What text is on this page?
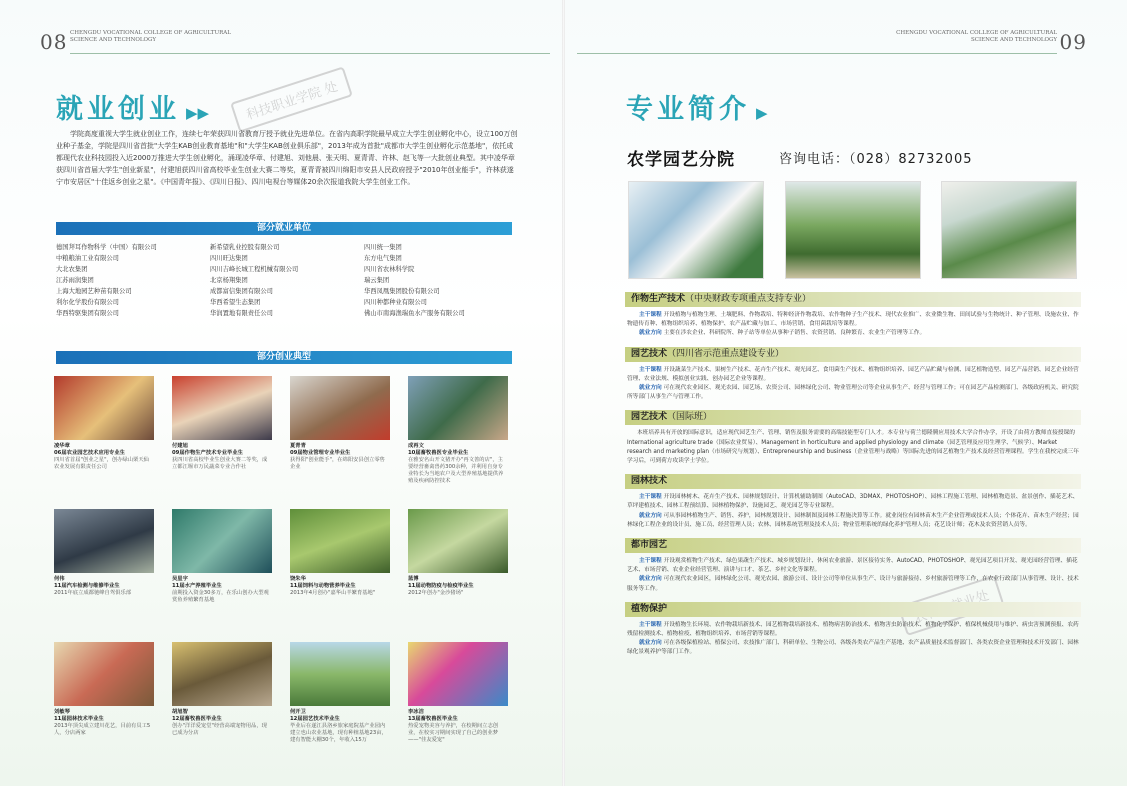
08 CHENGDU VOCATIONAL COLLEGE OF AGRICULTURAL SCIENCE AND TECHNOLOGY
就业创业 ▶▶	科技职业学院 处
学院高度重视大学生就业创业工作，连续七年荣获四川省教育厅授予就业先进单位。在省内高职学院最早成立大学生创业孵化中心，设立100万创业种子基金，学院是四川省首批"大学生KAB创业教育基地"和"大学生KAB创业俱乐部"，2013年成为首批"成都市大学生创业孵化示范基地"，依托成都现代农业科技园投入近2000万推进大学生创业孵化，涌现凌华章、付建旭、刘他晨、张天明、夏青青、许林、赵飞等一大批创业典型。其中凌华章获四川省首届大学生"创业新星"，付建旭获四川省高校毕业生创业大赛二等奖，夏青青被四川绵阳市安县人民政府授予"2010年创业能手"，许林获遂宁市安居区"十佳返乡创业之星"。《中国青年报》、《四川日报》、四川电视台等媒体20余次报道我院大学生创业工作。
部分就业单位
德国拜耳作物科学（中国）有限公司	新希望乳业控股有限公司	四川统一集团
中粮粮油工业有限公司	四川旺达集团	东方电气集团
大北农集团	四川吉峰长城工程机械有限公司	四川省农林科学院
江苏雨润集团	北京杨翔集团	瑞云集团
上海大地园艺种苗有限公司	成都富信集团有限公司	华西凤凰集团股份有限公司
利尔化学股份有限公司	华西希望生态集团	四川种都种业有限公司
华西特驱集团有限公司	华润置地有限责任公司	佛山市南海渔瑞鱼水产服务有限公司
部分创业典型
凌华章
06届农业园艺技术应用专业生
四川省首届"创业之星"，创办绿山栗天仙农业发展有限责任公司
付建旭
09届作物生产技术专业毕业生
获四川省高校毕业生创业大赛二等奖，成立都江堰市万民蔬菜专业合作社
夏青青
09届物业管理专业毕业生
获得阳"创业能手"，在绵阳安县创立零售企业
成再文
10届畜牧兽医专业毕业生
在雅安名山开文猪开办"再文善的店"，主要经营畜禽兽药300余种，并利用自身专业特长为当地农户及大型养殖基地提供养殖及疾病防控技术
何伟
11届汽车检测与维修毕业生
2011年底立成都驰峰自驾俱乐部
吴星宇
11届水产养殖毕业生
前期投入资金30多万，在乐山创办大型观赏鱼养殖繁育基地
饶朱华
11届饲料与动物营养毕业生
2013年4月创办"嘉华山羊繁育基地"
蓝博
11届动物防疫与检疫毕业生
2012年创办"金沙猪场"
刘敏琴
11届园林技术毕业生
2013年顶尖成立建川花艺，目前有员工5人，分店两家
胡旭智
12届畜牧兽医毕业生
创办"洋洋爱宠堂"经营高端宠物用品，现已成为分店
何开卫
12届园艺技术毕业生
毕业后在遂江县洛乡旅家庭院基产业园内建立也山农业基地，现有种植基地23亩，建有智能大棚30个，年收入15万
李冰洁
13届畜牧兽医毕业生
热爱宠物美容与养护，在校期间立志创业，在校实习期间实现了自己的创业梦——"佳友爱宠"
09
CHENGDU VOCATIONAL COLLEGE OF AGRICULTURAL SCIENCE AND TECHNOLOGY
专业简介 ▶
农学园艺分院	咨询电话：（028）82732005
作物生产技术（中央财政专项重点支持专业）
主干课程 开设植物与植物生理、土壤肥料、作物栽培、特种经济作物栽培、农作物种子生产技术、现代农业推广、农业微生物、田间试验与生物统计、种子管理、设施农业、作物遗传育种、植物组织培养、植物保护、农产品贮藏与加工、市场营销、食用菌栽培等课程。
就业方向 主要在涉农企业、科研院所、种子站等单位从事种子销售、农资营销、良种繁育、农业生产管理等工作。
园艺技术（四川省示范重点建设专业）
主干课程 开设蔬菜生产技术、果树生产技术、花卉生产技术、观光园艺、食用菌生产技术、植物组织培养、园艺产品贮藏与检测、园艺植物造型、园艺产品营销、园艺企业经营管理、农业法规、模拟创业实践、创办园艺企业等课程。
就业方向 可在现代农业园区、观光农园、园艺场、农资公司、园林绿化公司、物业管理公司等企业从事生产、经营与管理工作；可在园艺产品检测部门、各级政府机关、研究院所等部门从事生产与管理工作。
园艺技术（国际班）

本班培养具有开放的国际意识，适应现代园艺生产、管理、销售及服务需要的高端技能型专门人才。本专业与荷兰德隆腾应用技术大学合作办学，开设了由荷方教师直接授课的International agriculture trade（国际农业贸易）、Management in horticulture and applied physiology and climate（园艺管理及应用生理学、气候学）、Market research and marketing plan（市场研究与规划）、Entrepreneurship and business（企业管理与战略）等国际先进的园艺植物生产技术及经营管理课程。学生在我校完成三年学习后，可到荷方攻读学士学位。

园林技术
主干课程 开设园林树木、花卉生产技术、园林规划设计、计算机辅助制图（AutoCAD、3DMAX、PHOTOSHOP）、园林工程施工管理、园林植物造景、盆景创作、插花艺术、草坪建植技术、园林工程预结算、园林植物保护、设施园艺、观光园艺等专业课程。
就业方向 可从事园林植物生产、销售、养护，园林规划设计、园林制图及园林工程施决算等工作。就业岗位有园林苗木生产企业管理或技术人员；个体花卉、苗木生产经营；园林绿化工程企业的设计员、施工员、经营管理人员；农林、园林系统管理及技术人员；物业管理系统的绿化养护管理人员；花艺设计师；花木及农资营销人员等。
都市园艺
主干课程 开设观赏植物生产技术、绿色果蔬生产技术、城乡规划设计、休闲农业旅游、景区接待实务、AutoCAD、PHOTOSHOP、观光园艺项目开发、观光园经营管理、插花艺术、市场营销、农业企业经营管理、演讲与口才、茶艺、乡村文化等课程。
就业方向 可在现代农业园区，园林绿化公司、观光农园、旅游公司、设计公司等单位从事生产、设计与旅游接待、乡村旅游管理等工作，在农业行政部门从事管理、设计、技术服务等工作。
植物保护
主干课程 开设植物生长环境、农作物栽培新技术、园艺植物栽培新技术、植物病害防治技术、植物害虫防治技术、植物化学保护、植保机械使用与维护、病虫害预测预报、农药残留检测技术、植物检疫、植物组织培养、市场营销等课程。
就业方向 可在各级保植检站、植保公司、农技推广部门、科研单位、生物公司、各级各类农产品生产基地、农产品质量技术监督部门、各类农资企业管理和技术开发部门、园林绿化景观养护等部门工作。
